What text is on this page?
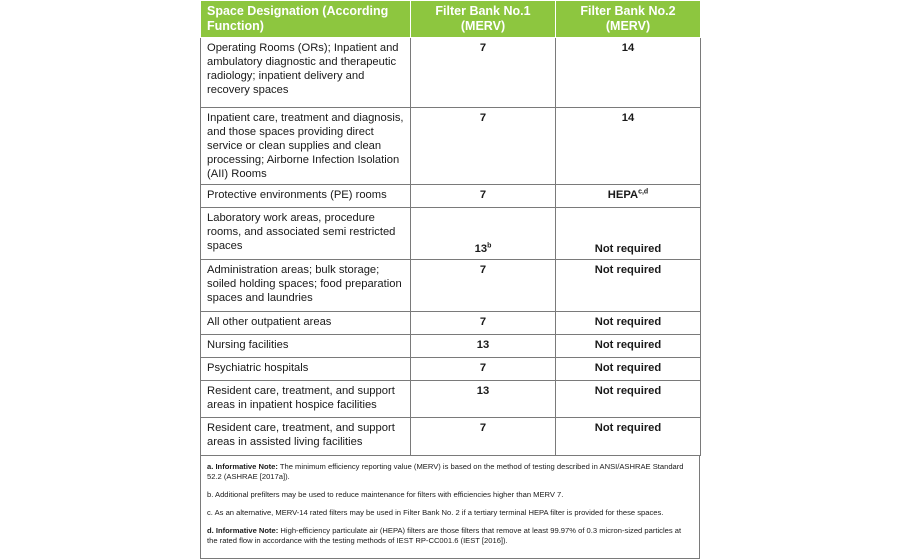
Space Designation (According Function)	Filter Bank No.1 (MERV)	Filter Bank No.2 (MERV)
Operating Rooms (ORs); Inpatient and ambulatory diagnostic and therapeutic radiology; inpatient delivery and recovery spaces	7	14
Inpatient care, treatment and diagnosis, and those spaces providing direct service or clean supplies and clean processing; Airborne Infection Isolation (AII) Rooms	7	14
Protective environments (PE) rooms	7	HEPA$^{c,d}$
Laboratory work areas, procedure rooms, and associated semi restricted spaces	13$^b$	Not required
Administration areas; bulk storage; soiled holding spaces; food preparation spaces and laundries	7	Not required
All other outpatient areas	7	Not required
Nursing facilities	13	Not required
Psychiatric hospitals	7	Not required
Resident care, treatment, and support areas in inpatient hospice facilities	13	Not required
Resident care, treatment, and support areas in assisted living facilities	7	Not required

a. Informative Note: The minimum efficiency reporting value (MERV) is based on the method of testing described in ANSI/ASHRAE Standard 52.2 (ASHRAE [2017a]).

b. Additional prefilters may be used to reduce maintenance for filters with efficiencies higher than MERV 7.

c. As an alternative, MERV-14 rated filters may be used in Filter Bank No. 2 if a tertiary terminal HEPA filter is provided for these spaces.

d. Informative Note: High-efficiency particulate air (HEPA) filters are those filters that remove at least 99.97% of 0.3 micron-sized particles at the rated flow in accordance with the testing methods of IEST RP-CC001.6 (IEST [2016]).
